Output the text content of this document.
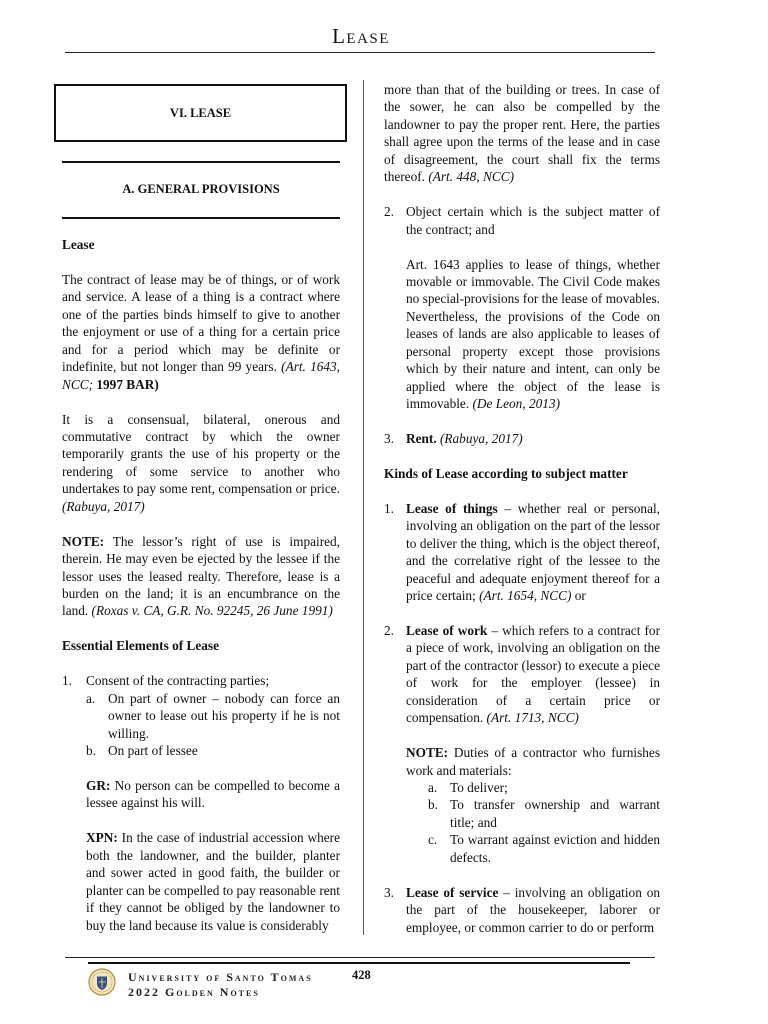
Lease
VI. LEASE
A. GENERAL PROVISIONS
Lease
The contract of lease may be of things, or of work and service. A lease of a thing is a contract where one of the parties binds himself to give to another the enjoyment or use of a thing for a certain price and for a period which may be definite or indefinite, but not longer than 99 years. (Art. 1643, NCC; 1997 BAR)
It is a consensual, bilateral, onerous and commutative contract by which the owner temporarily grants the use of his property or the rendering of some service to another who undertakes to pay some rent, compensation or price. (Rabuya, 2017)
NOTE: The lessor’s right of use is impaired, therein. He may even be ejected by the lessee if the lessor uses the leased realty. Therefore, lease is a burden on the land; it is an encumbrance on the land. (Roxas v. CA, G.R. No. 92245, 26 June 1991)
Essential Elements of Lease
1.	Consent of the contracting parties;
a. On part of owner – nobody can force an owner to lease out his property if he is not willing.
b. On part of lessee
GR: No person can be compelled to become a lessee against his will.
XPN: In the case of industrial accession where both the landowner, and the builder, planter and sower acted in good faith, the builder or planter can be compelled to pay reasonable rent if they cannot be obliged by the landowner to buy the land because its value is considerably
more than that of the building or trees. In case of the sower, he can also be compelled by the landowner to pay the proper rent. Here, the parties shall agree upon the terms of the lease and in case of disagreement, the court shall fix the terms thereof. (Art. 448, NCC)
2. Object certain which is the subject matter of the contract; and
Art. 1643 applies to lease of things, whether movable or immovable. The Civil Code makes no special-provisions for the lease of movables. Nevertheless, the provisions of the Code on leases of lands are also applicable to leases of personal property except those provisions which by their nature and intent, can only be applied where the object of the lease is immovable. (De Leon, 2013)
3. Rent. (Rabuya, 2017)
Kinds of Lease according to subject matter
1. Lease of things – whether real or personal, involving an obligation on the part of the lessor to deliver the thing, which is the object thereof, and the correlative right of the lessee to the peaceful and adequate enjoyment thereof for a price certain; (Art. 1654, NCC) or
2. Lease of work – which refers to a contract for a piece of work, involving an obligation on the part of the contractor (lessor) to execute a piece of work for the employer (lessee) in consideration of a certain price or compensation. (Art. 1713, NCC)
NOTE: Duties of a contractor who furnishes work and materials:
a. To deliver;
b. To transfer ownership and warrant title; and
c. To warrant against eviction and hidden defects.
3. Lease of service – involving an obligation on the part of the housekeeper, laborer or employee, or common carrier to do or perform
University of Santo Tomas
2022 Golden Notes
428
